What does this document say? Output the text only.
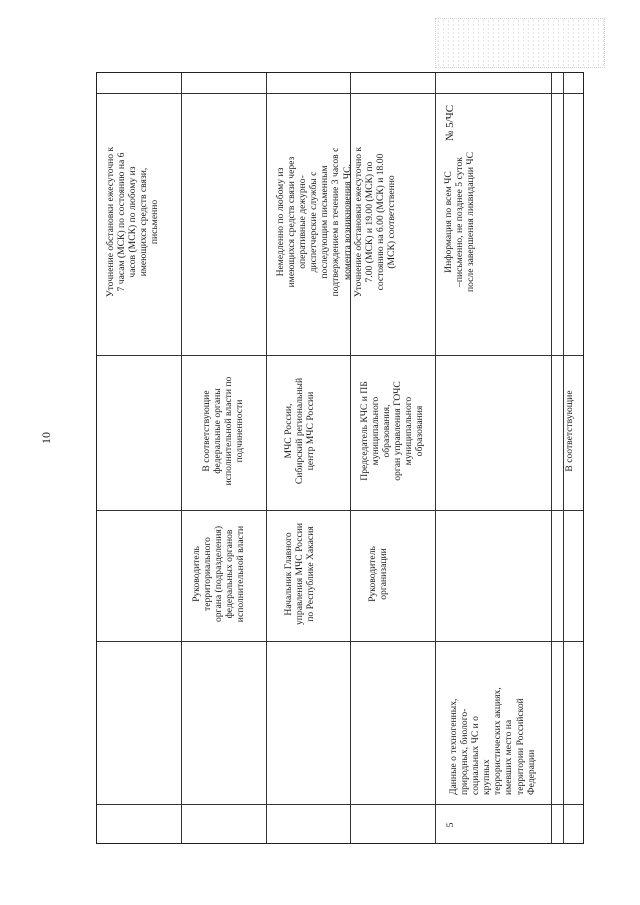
10
5
Данные о техногенных,
природных, биолого-
социальных ЧС и о
крупных
террористических акциях,
имевших место на
территории Российской
Федерации
Руководитель
территориального
органа (подразделения)
федеральных органов
исполнительной власти
Начальник Главного
управления МЧС России
по Республике Хакасия
Руководитель
организации
В соответствующие
федеральные органы
исполнительной власти по
подчиненности	МЧС России,
Сибирский региональный
центр МЧС России
Председатель КЧС и ПБ
муниципального
образования,
орган управления ГОЧС
муниципального
образования	В соответствующие
Уточнение обстановки ежесуточно к
7 часам (МСК) по состоянию на 6
часов (МСК) по любому из
имеющихся средств связи,
письменно
Немедленно по любому из
имеющихся средств связи через
оперативные дежурно-
диспетчерские службы с
последующим письменным
подтверждением в течение 3 часов с
момента возникновения ЧС.
Уточнение обстановки ежесуточно к
7.00 (МСК) и 19.00 (МСК) по
состоянию на 6.00 (МСК) и 18.00
(МСК) соответственно
Информация по всем ЧС
–письменно, не позднее 5 суток
после завершения ликвидации ЧС
№ 5/ЧС
